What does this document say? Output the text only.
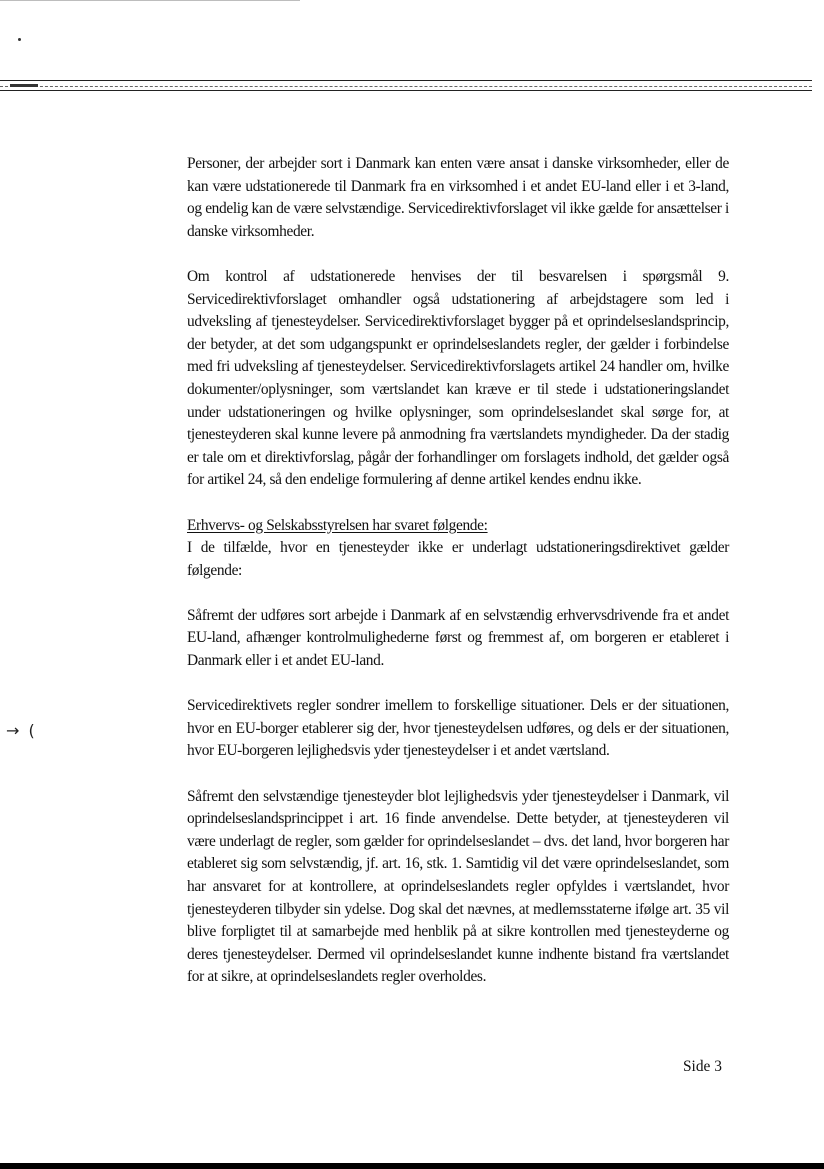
Personer, der arbejder sort i Danmark kan enten være ansat i danske virksomheder, eller de kan være udstationerede til Danmark fra en virksomhed i et andet EU-land eller i et 3-land, og endelig kan de være selvstændige. Servicedirektivforslaget vil ikke gælde for ansættelser i danske virksomheder.

Om kontrol af udstationerede henvises der til besvarelsen i spørgsmål 9. Servicedirektivforslaget omhandler også udstationering af arbejdstagere som led i udveksling af tjenesteydelser. Servicedirektivforslaget bygger på et oprindelseslandsprincip, der betyder, at det som udgangspunkt er oprindelseslandets regler, der gælder i forbindelse med fri udveksling af tjenesteydelser. Servicedirektivforslagets artikel 24 handler om, hvilke dokumenter/oplysninger, som værtslandet kan kræve er til stede i udstationeringslandet under udstationeringen og hvilke oplysninger, som oprindelseslandet skal sørge for, at tjenesteyderen skal kunne levere på anmodning fra værtslandets myndigheder. Da der stadig er tale om et direktivforslag, pågår der forhandlinger om forslagets indhold, det gælder også for artikel 24, så den endelige formulering af denne artikel kendes endnu ikke.

Erhvervs- og Selskabsstyrelsen har svaret følgende:

I de tilfælde, hvor en tjenesteyder ikke er underlagt udstationeringsdirektivet gælder følgende:

Såfremt der udføres sort arbejde i Danmark af en selvstændig erhvervsdrivende fra et andet EU-land, afhænger kontrolmulighederne først og fremmest af, om borgeren er etableret i Danmark eller i et andet EU-land.

Servicedirektivets regler sondrer imellem to forskellige situationer. Dels er der situationen, hvor en EU-borger etablerer sig der, hvor tjenesteydelsen udføres, og dels er der situationen, hvor EU-borgeren lejlighedsvis yder tjenesteydelser i et andet værtsland.

Såfremt den selvstændige tjenesteyder blot lejlighedsvis yder tjenesteydelser i Danmark, vil oprindelseslandsprincippet i art. 16 finde anvendelse. Dette betyder, at tjenesteyderen vil være underlagt de regler, som gælder for oprindelseslandet – dvs. det land, hvor borgeren har etableret sig som selvstændig, jf. art. 16, stk. 1. Samtidig vil det være oprindelseslandet, som har ansvaret for at kontrollere, at oprindelseslandets regler opfyldes i værtslandet, hvor tjenesteyderen tilbyder sin ydelse. Dog skal det nævnes, at medlemsstaterne ifølge art. 35 vil blive forpligtet til at samarbejde med henblik på at sikre kontrollen med tjenesteyderne og deres tjenesteydelser. Dermed vil oprindelseslandet kunne indhente bistand fra værtslandet for at sikre, at oprindelseslandets regler overholdes.

→ (
Side 3
